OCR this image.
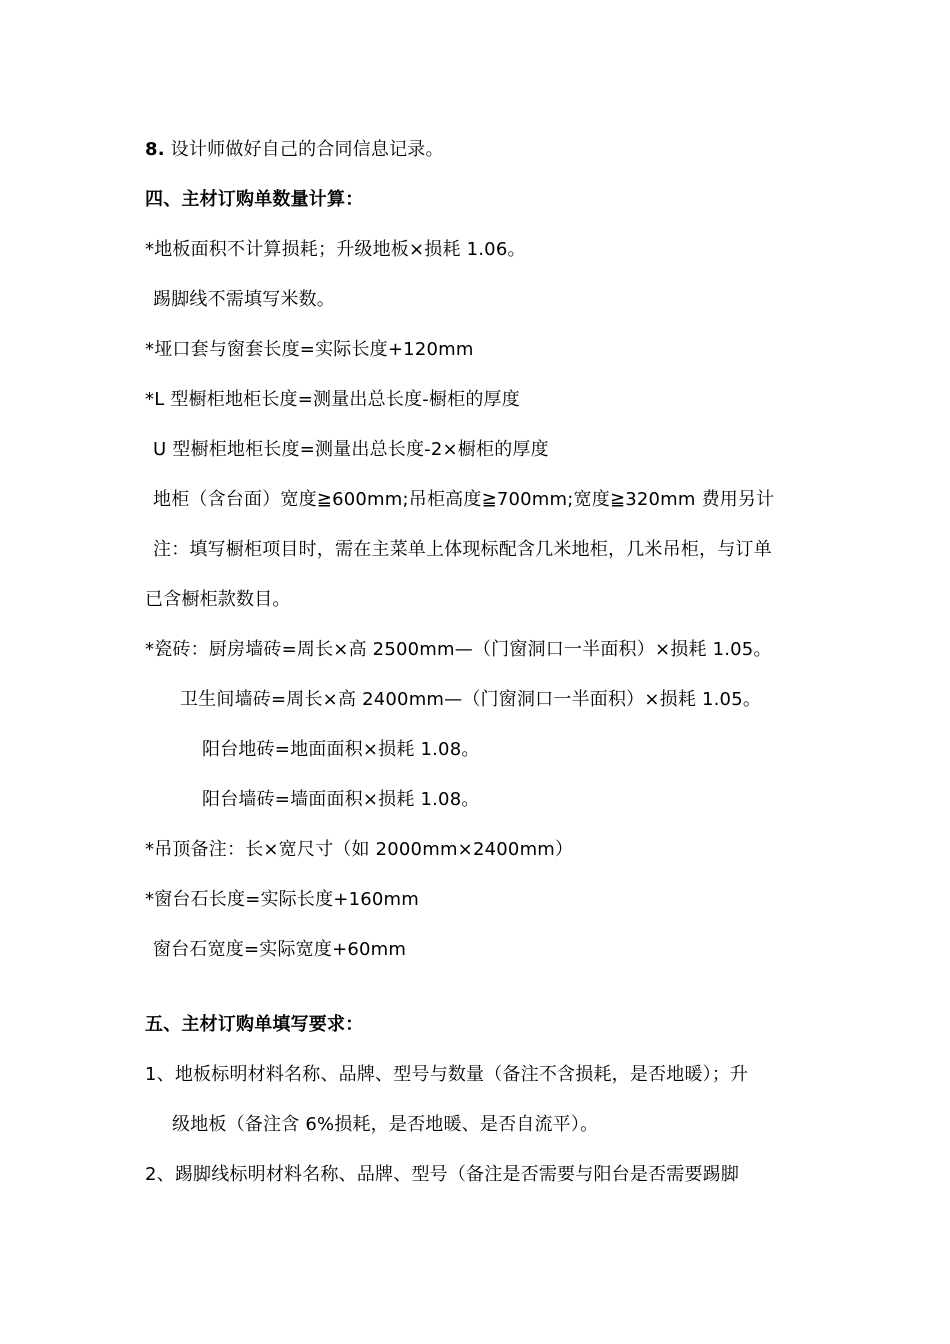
8. 设计师做好自己的合同信息记录。
四、主材订购单数量计算：
*地板面积不计算损耗；升级地板×损耗 1.06。
踢脚线不需填写米数。
*垭口套与窗套长度=实际长度+120mm
*L 型橱柜地柜长度=测量出总长度-橱柜的厚度
U 型橱柜地柜长度=测量出总长度-2×橱柜的厚度
地柜（含台面）宽度≧600mm;吊柜高度≧700mm;宽度≧320mm 费用另计
注：填写橱柜项目时，需在主菜单上体现标配含几米地柜，几米吊柜，与订单
已含橱柜款数目。
*瓷砖：厨房墙砖=周长×高 2500mm—（门窗洞口一半面积）×损耗 1.05。
卫生间墙砖=周长×高 2400mm—（门窗洞口一半面积）×损耗 1.05。
阳台地砖=地面面积×损耗 1.08。
阳台墙砖=墙面面积×损耗 1.08。
*吊顶备注：长×宽尺寸（如 2000mm×2400mm）
*窗台石长度=实际长度+160mm
窗台石宽度=实际宽度+60mm
五、主材订购单填写要求：
1、地板标明材料名称、品牌、型号与数量（备注不含损耗，是否地暖）；升
级地板（备注含 6%损耗，是否地暖、是否自流平）。
2、踢脚线标明材料名称、品牌、型号（备注是否需要与阳台是否需要踢脚
